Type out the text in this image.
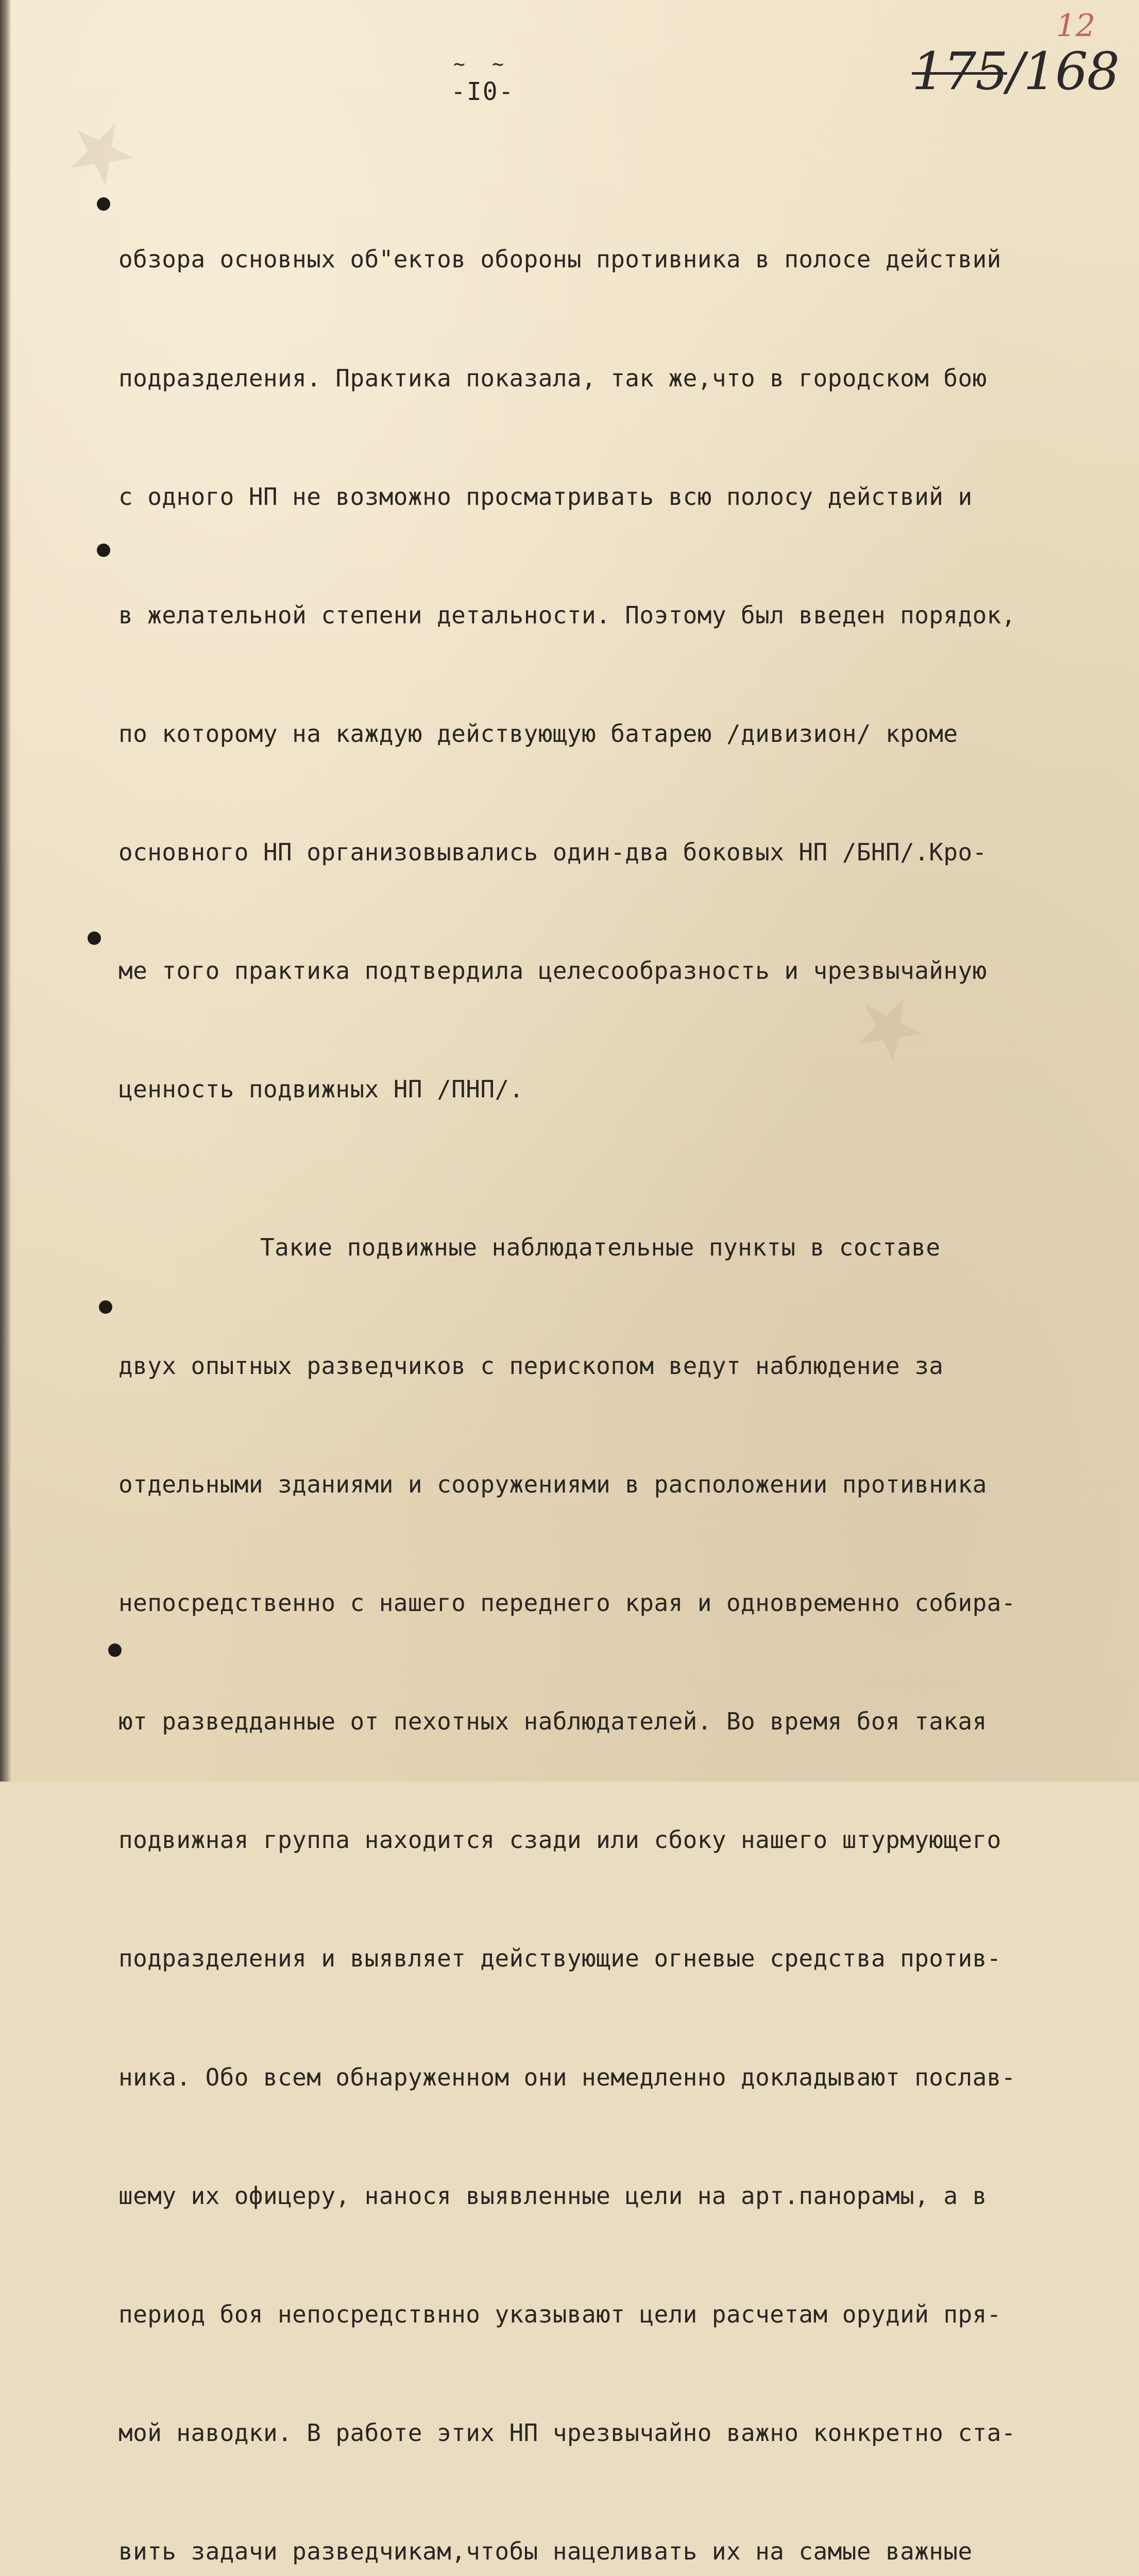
★
★
~ ~
-I0-	175/168
12

обзора основных об"ектов обороны противника в полосе действий

подразделения. Практика показала, так же,что в городском бою

с одного НП не возможно просматривать всю полосу действий и

в желательной степени детальности. Поэтому был введен порядок,

по которому на каждую действующую батарею /дивизион/ кроме

основного НП организовывались один-два боковых НП /БНП/.Кро-

ме того практика подтвердила целесообразность и чрезвычайную

ценность подвижных НП /ПНП/.

Такие подвижные наблюдательные пункты в составе

двух опытных разведчиков с перископом ведут наблюдение за

отдельными зданиями и сооружениями в расположении противника

непосредственно с нашего переднего края и одновременно собира-

ют разведданные от пехотных наблюдателей. Во время боя такая

подвижная группа находится сзади или сбоку нашего штурмующего

подразделения и выявляет действующие огневые средства против-

ника. Обо всем обнаруженном они немедленно докладывают послав-

шему их офицеру, нанося выявленные цели на арт.панорамы, а в

период боя непосредствнно указывают цели расчетам орудий пря-

мой наводки. В работе этих НП чрезвычайно важно конкретно ста-

вить задачи разведчикам,чтобы нацеливать их на самые важные
